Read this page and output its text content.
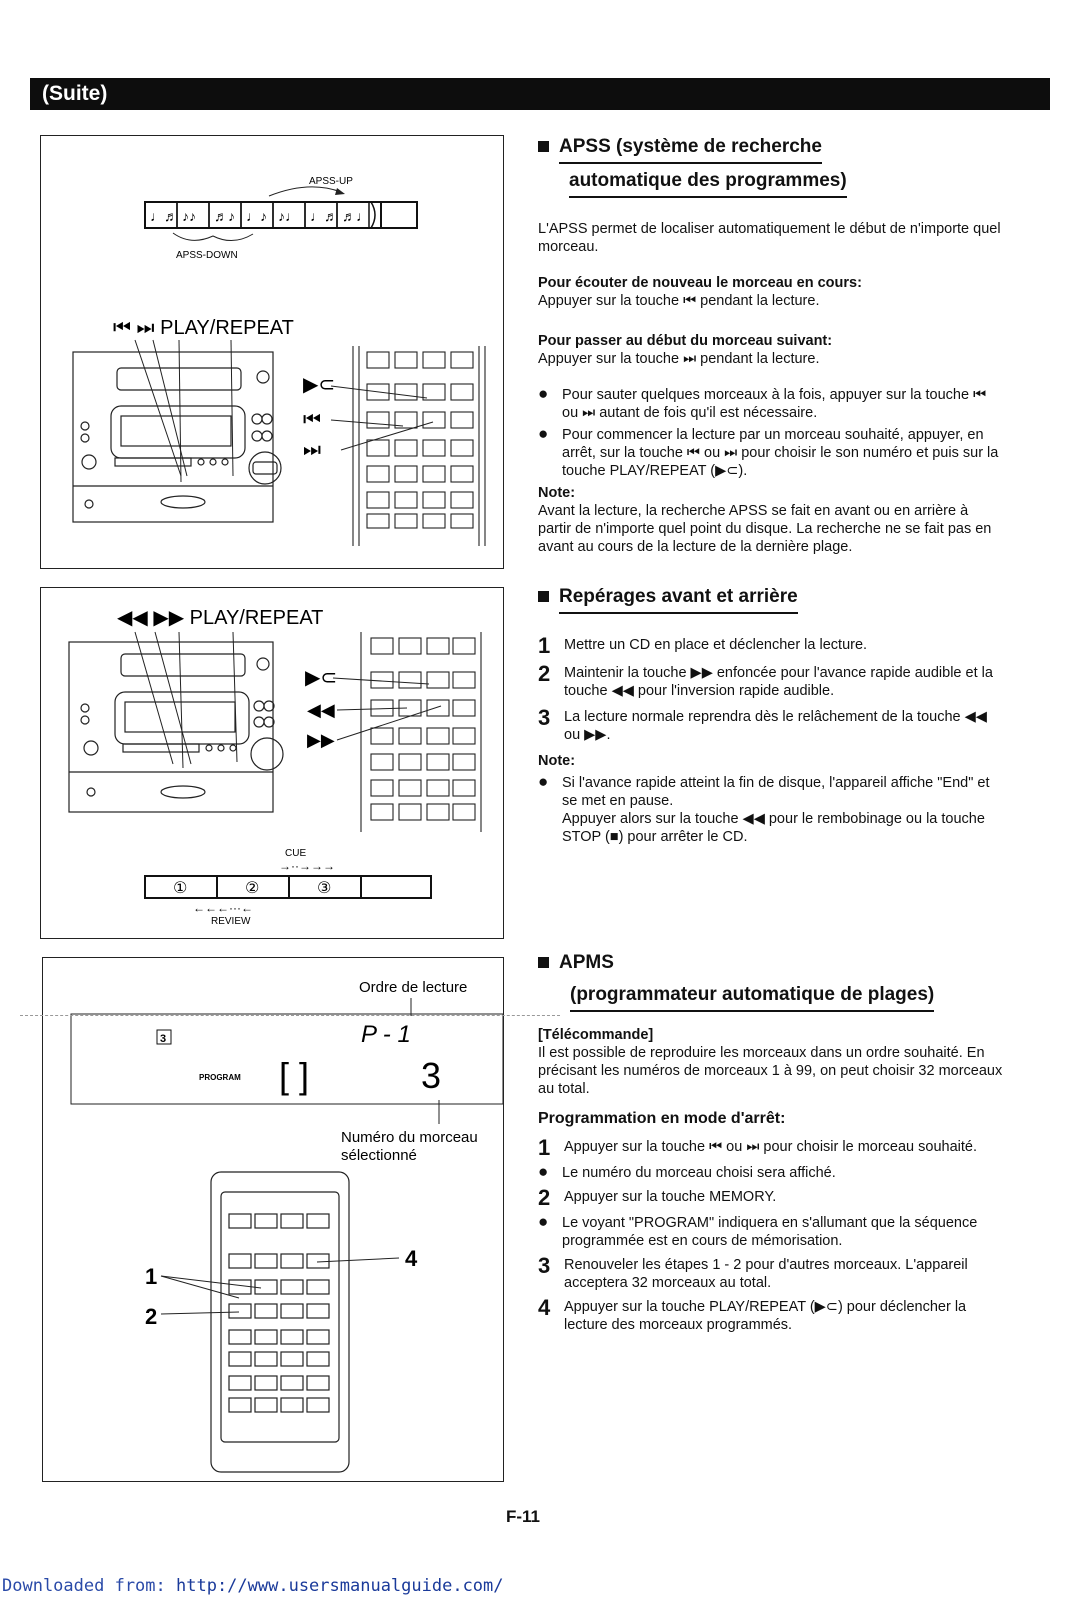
(Suite)
APSS-UP
♩♬ ♪♪ ♬♪ ♩♪ ♪♩ ♩♬ ♬♩
APSS-DOWN
⏮ ⏭ PLAY/REPEAT
▶⊂
⏮
⏭
◀◀ ▶▶ PLAY/REPEAT
▶⊂
◀◀
▶▶
CUE
→··→→→
①	②	③
←←←···←
REVIEW
Ordre de lecture
3	P - 1
PROGRAM [ ]	3
Numéro du morceau
sélectionné
1
2
4
APSS (système de recherche
automatique des programmes)
L'APSS permet de localiser automatiquement le début de n'importe quel morceau.
Pour écouter de nouveau le morceau en cours:
Appuyer sur la touche ⏮ pendant la lecture.
Pour passer au début du morceau suivant:
Appuyer sur la touche ⏭ pendant la lecture.
● Pour sauter quelques morceaux à la fois, appuyer sur la touche ⏮ ou ⏭ autant de fois qu'il est nécessaire.
● Pour commencer la lecture par un morceau souhaité, appuyer, en arrêt, sur la touche ⏮ ou ⏭ pour choisir le son numéro et puis sur la touche PLAY/REPEAT (▶⊂).
Note:
Avant la lecture, la recherche APSS se fait en avant ou en arrière à partir de n'importe quel point du disque. La recherche ne se fait pas en avant au cours de la lecture de la dernière plage.
Repérages avant et arrière
1 Mettre un CD en place et déclencher la lecture.
2 Maintenir la touche ▶▶ enfoncée pour l'avance rapide audible et la touche ◀◀ pour l'inversion rapide audible.
3 La lecture normale reprendra dès le relâchement de la touche ◀◀ ou ▶▶.
Note:
● Si l'avance rapide atteint la fin de disque, l'appareil affiche "End" et se met en pause.
Appuyer alors sur la touche ◀◀ pour le rembobinage ou la touche STOP (■) pour arrêter le CD.
APMS
(programmateur automatique de plages)
[Télécommande]
Il est possible de reproduire les morceaux dans un ordre souhaité. En précisant les numéros de morceaux 1 à 99, on peut choisir 32 morceaux au total.
Programmation en mode d'arrêt:
1 Appuyer sur la touche ⏮ ou ⏭ pour choisir le morceau souhaité.
● Le numéro du morceau choisi sera affiché.
2 Appuyer sur la touche MEMORY.
● Le voyant "PROGRAM" indiquera en s'allumant que la séquence programmée est en cours de mémorisation.
3 Renouveler les étapes 1 - 2 pour d'autres morceaux. L'appareil acceptera 32 morceaux au total.
4 Appuyer sur la touche PLAY/REPEAT (▶⊂) pour déclencher la lecture des morceaux programmés.
F-11
Downloaded from: http://www.usersmanualguide.com/
